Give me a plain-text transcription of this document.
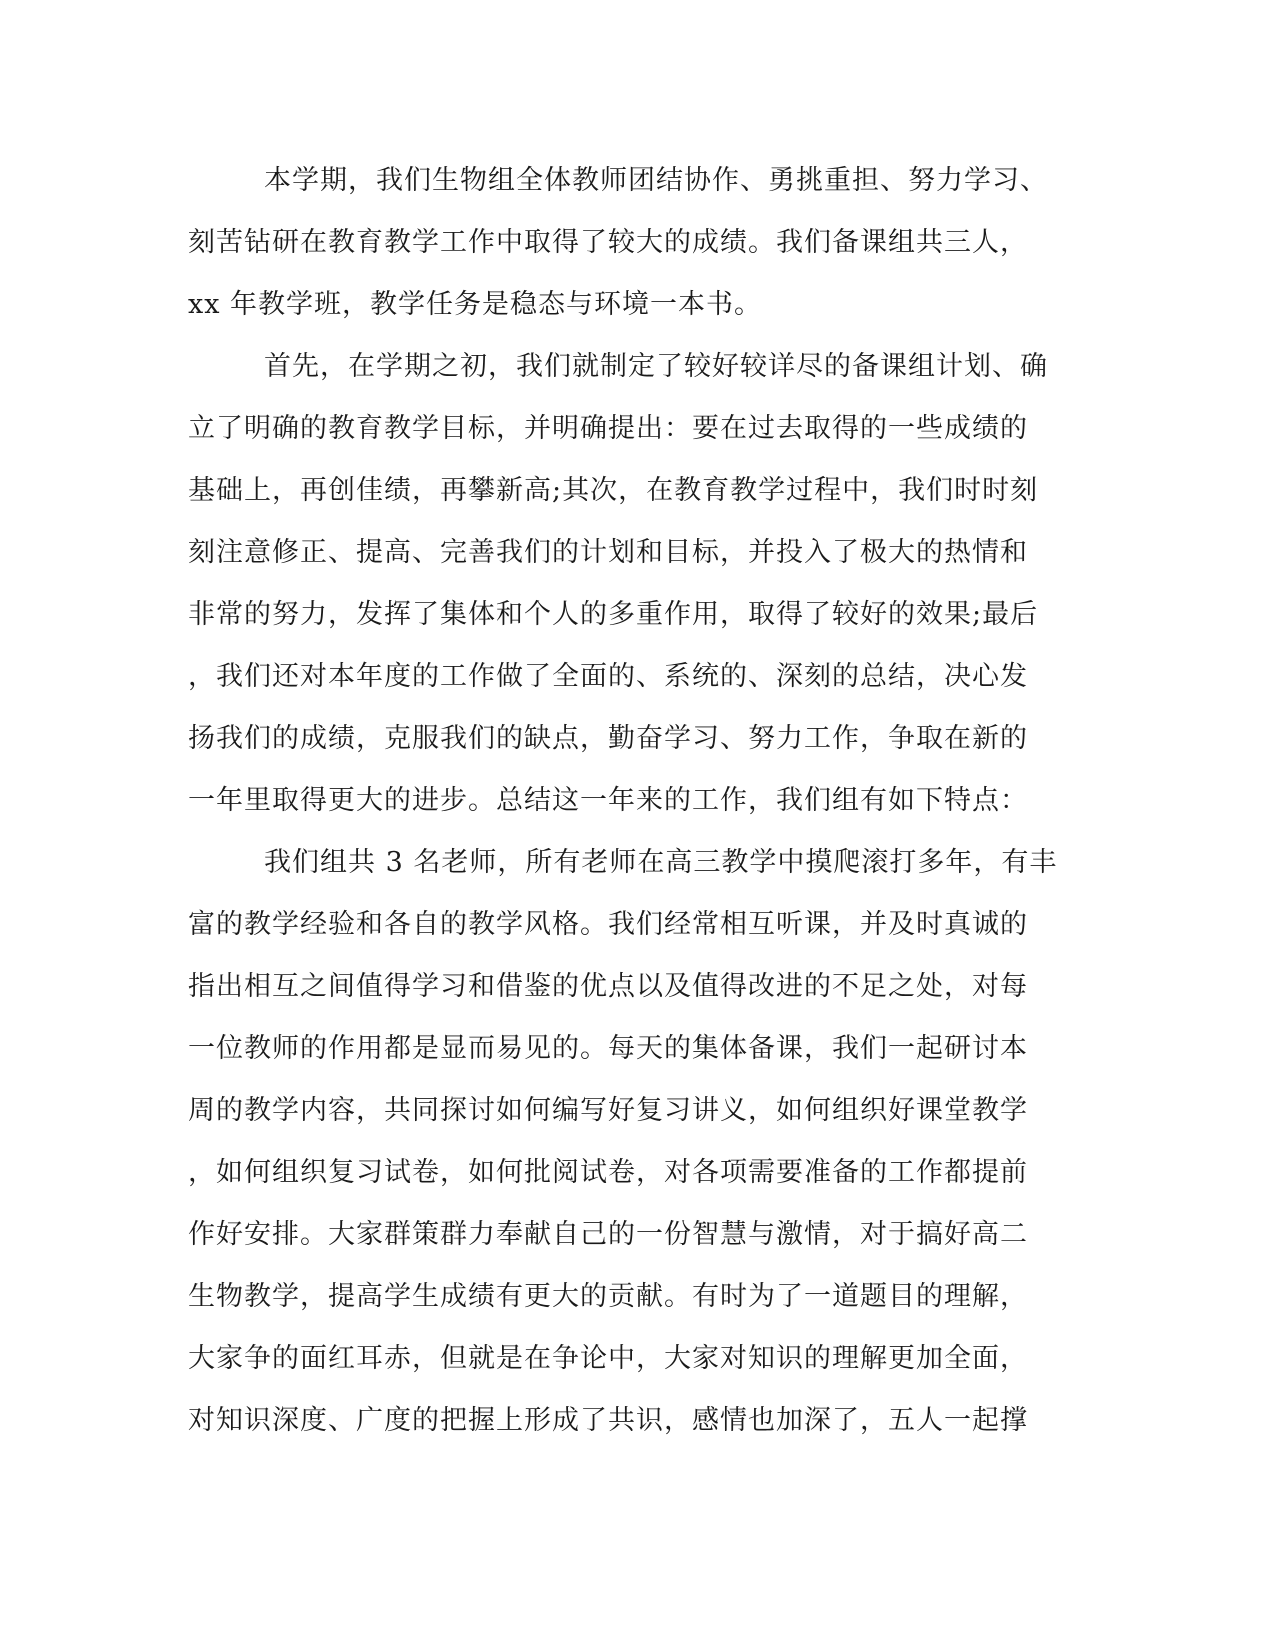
本学期，我们生物组全体教师团结协作、勇挑重担、努力学习、
刻苦钻研在教育教学工作中取得了较大的成绩。我们备课组共三人，
xx 年教学班，教学任务是稳态与环境一本书。
首先，在学期之初，我们就制定了较好较详尽的备课组计划、确
立了明确的教育教学目标，并明确提出：要在过去取得的一些成绩的
基础上，再创佳绩，再攀新高;其次，在教育教学过程中，我们时时刻
刻注意修正、提高、完善我们的计划和目标，并投入了极大的热情和
非常的努力，发挥了集体和个人的多重作用，取得了较好的效果;最后
，我们还对本年度的工作做了全面的、系统的、深刻的总结，决心发
扬我们的成绩，克服我们的缺点，勤奋学习、努力工作，争取在新的
一年里取得更大的进步。总结这一年来的工作，我们组有如下特点：
我们组共 3 名老师，所有老师在高三教学中摸爬滚打多年，有丰
富的教学经验和各自的教学风格。我们经常相互听课，并及时真诚的
指出相互之间值得学习和借鉴的优点以及值得改进的不足之处，对每
一位教师的作用都是显而易见的。每天的集体备课，我们一起研讨本
周的教学内容，共同探讨如何编写好复习讲义，如何组织好课堂教学
，如何组织复习试卷，如何批阅试卷，对各项需要准备的工作都提前
作好安排。大家群策群力奉献自己的一份智慧与激情，对于搞好高二
生物教学，提高学生成绩有更大的贡献。有时为了一道题目的理解，
大家争的面红耳赤，但就是在争论中，大家对知识的理解更加全面，
对知识深度、广度的把握上形成了共识，感情也加深了，五人一起撑
